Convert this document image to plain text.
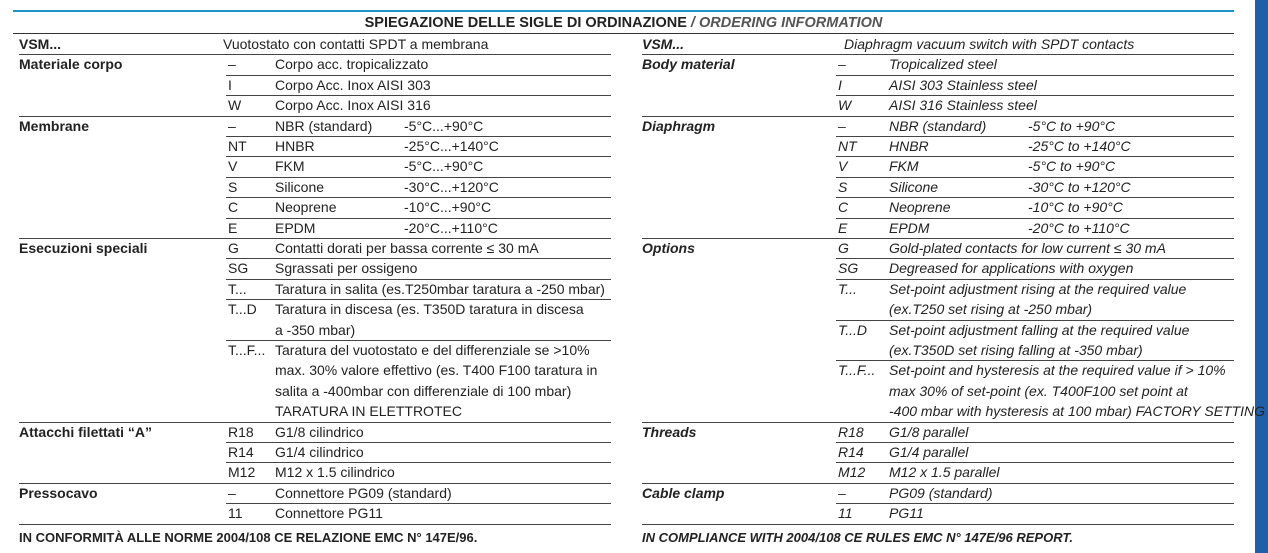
SPIEGAZIONE DELLE SIGLE DI ORDINAZIONE / ORDERING INFORMATION
VSM...	Vuotostato con contatti SPDT a membrana
Materiale corpo	–	Corpo acc. tropicalizzato
I	Corpo Acc. Inox AISI 303
W Corpo Acc. Inox AISI 316
Membrane	–	NBR (standard) -5°C...+90°C
NT HNBR	-25°C...+140°C
V	FKM	-5°C...+90°C
S	Silicone	-30°C...+120°C
C	Neoprene	-10°C...+90°C
E	EPDM	-20°C...+110°C
Esecuzioni speciali	G	Contatti dorati per bassa corrente ≤ 30 mA
SG Sgrassati per ossigeno
T... Taratura in salita (es.T250mbar taratura a -250 mbar)
T...D Taratura in discesa (es. T350D taratura in discesa
a -350 mbar)
T...F... Taratura del vuotostato e del differenziale se >10%
max. 30% valore effettivo (es. T400 F100 taratura in
salita a -400mbar con differenziale di 100 mbar)
TARATURA IN ELETTROTEC
Attacchi filettati “A”	R18 G1/8 cilindrico
R14 G1/4 cilindrico
M12 M12 x 1.5 cilindrico
Pressocavo	–	Connettore PG09 (standard)
11 Connettore PG11
VSM...	Diaphragm vacuum switch with SPDT contacts
Body material	–	Tropicalized steel
I	AISI 303 Stainless steel
W	AISI 316 Stainless steel
Diaphragm	–	NBR (standard)	-5°C to +90°C
NT HNBR	-25°C to +140°C
V	FKM	-5°C to +90°C
S	Silicone	-30°C to +120°C
C	Neoprene	-10°C to +90°C
E	EPDM	-20°C to +110°C
Options	G	Gold-plated contacts for low current ≤ 30 mA
SG Degreased for applications with oxygen
T... Set-point adjustment rising at the required value
(ex.T250 set rising at -250 mbar)
T...D Set-point adjustment falling at the required value
(ex.T350D set rising falling at -350 mbar)
T...F... Set-point and hysteresis at the required value if > 10%
max 30% of set-point (ex. T400F100 set point at
-400 mbar with hysteresis at 100 mbar) FACTORY SETTING
Threads	R18 G1/8 parallel
R14 G1/4 parallel
M12 M12 x 1.5 parallel
Cable clamp	–	PG09 (standard)
11	PG11
IN CONFORMITÀ ALLE NORME 2004/108 CE RELAZIONE EMC N° 147E/96.	IN COMPLIANCE WITH 2004/108 CE RULES EMC N° 147E/96 REPORT.
